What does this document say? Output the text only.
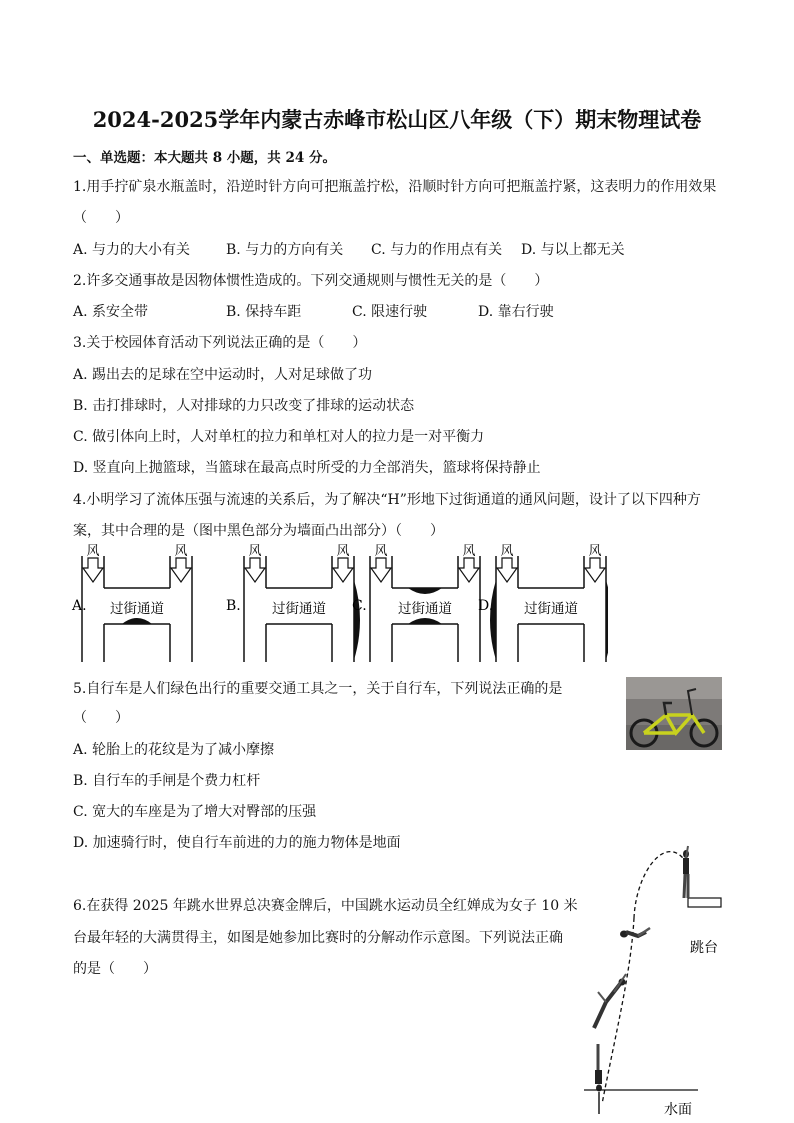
2024-2025学年内蒙古赤峰市松山区八年级（下）期末物理试卷
一、单选题：本大题共 8 小题，共 24 分。
1.用手拧矿泉水瓶盖时，沿逆时针方向可把瓶盖拧松，沿顺时针方向可把瓶盖拧紧，这表明力的作用效果
（　　）
A. 与力的大小有关	B. 与力的方向有关 C. 与力的作用点有关 D. 与以上都无关
2.许多交通事故是因物体惯性造成的。下列交通规则与惯性无关的是（　　）
A. 系安全带	B. 保持车距	C. 限速行驶	D. 靠右行驶
3.关于校园体育活动下列说法正确的是（　　）
A. 踢出去的足球在空中运动时，人对足球做了功
B. 击打排球时，人对排球的力只改变了排球的运动状态
C. 做引体向上时，人对单杠的拉力和单杠对人的拉力是一对平衡力
D. 竖直向上抛篮球，当篮球在最高点时所受的力全部消失，篮球将保持静止
4.小明学习了流体压强与流速的关系后，为了解决“H”形地下过街通道的通风问题，设计了以下四种方
案，其中合理的是（图中黑色部分为墙面凸出部分）（　　）
风	风
过街通道
A.
风	风
过街通道
B.
风	风
过街通道
C.
风	风
过街通道
D.
5.自行车是人们绿色出行的重要交通工具之一，关于自行车，下列说法正确的是
（　　）
A. 轮胎上的花纹是为了减小摩擦
B. 自行车的手闸是个费力杠杆
C. 宽大的车座是为了增大对臀部的压强
D. 加速骑行时，使自行车前进的力的施力物体是地面
6.在获得 2025 年跳水世界总决赛金牌后，中国跳水运动员全红婵成为女子 10 米
台最年轻的大满贯得主，如图是她参加比赛时的分解动作示意图。下列说法正确
的是（　　）
跳台
水面
